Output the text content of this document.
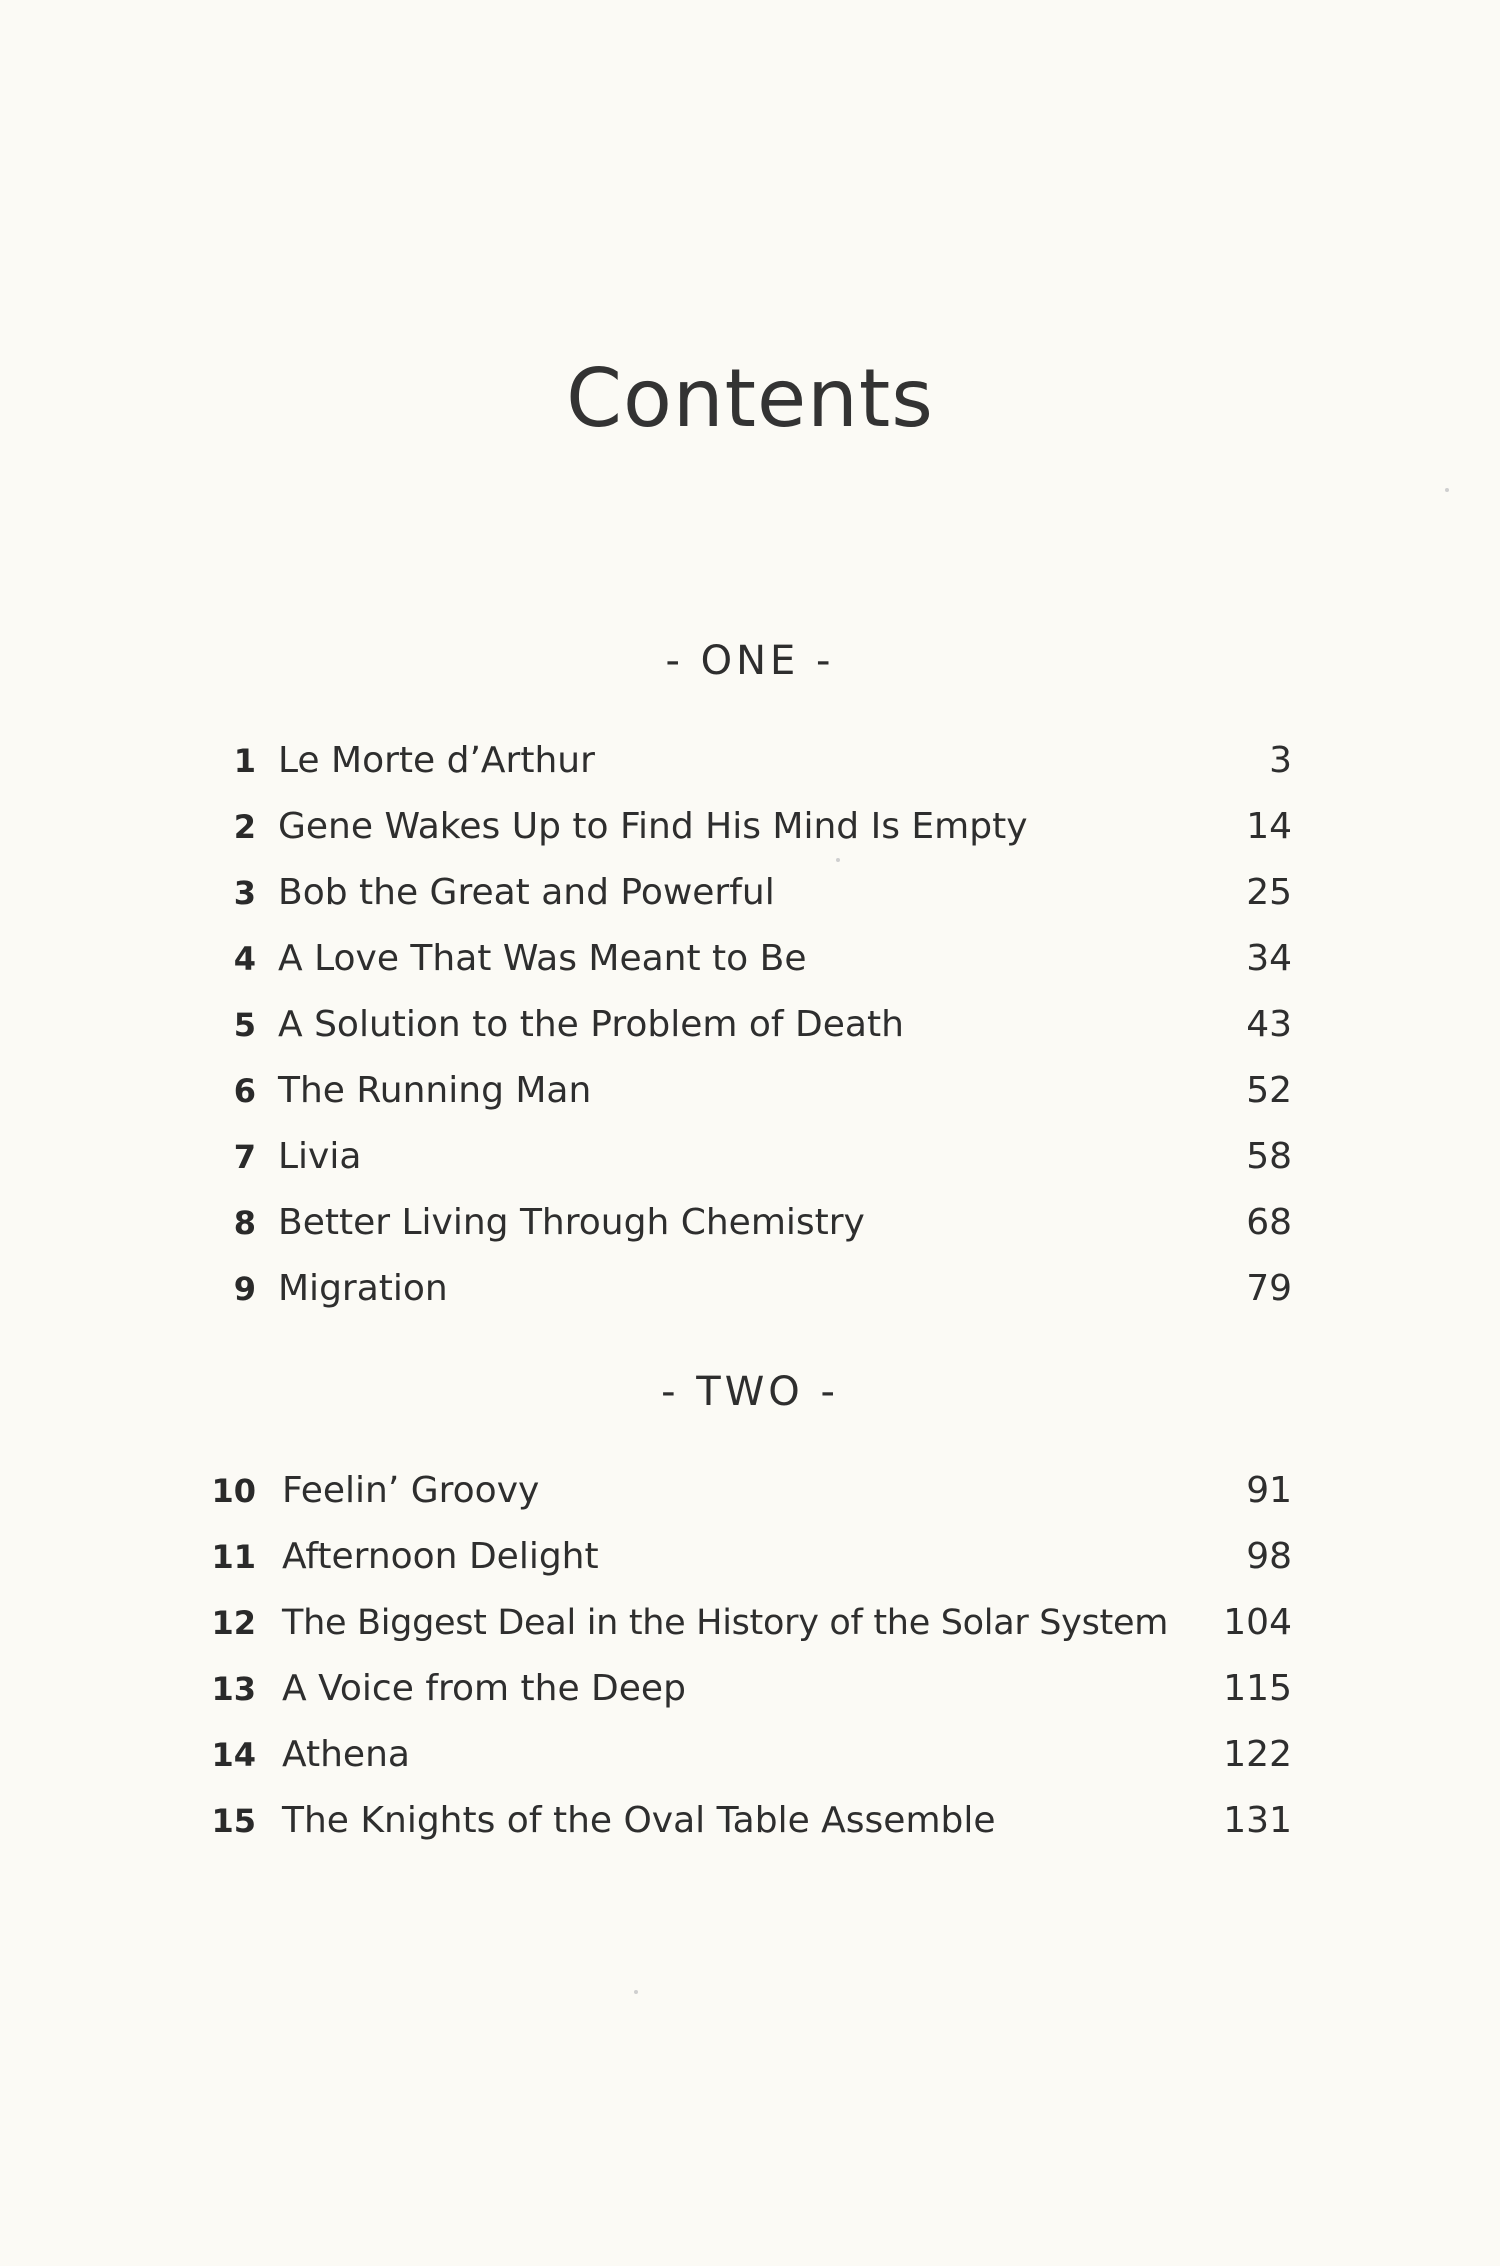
Contents
- ONE -
1 Le Morte d’Arthur	3
2 Gene Wakes Up to Find His Mind Is Empty	14
3 Bob the Great and Powerful	25
4 A Love That Was Meant to Be	34
5 A Solution to the Problem of Death	43
6 The Running Man	52
7 Livia	58
8 Better Living Through Chemistry	68
9 Migration	79
- TWO -
10 Feelin’ Groovy	91
11 Afternoon Delight	98
12 The Biggest Deal in the History of the Solar System 104
13 A Voice from the Deep	115
14 Athena	122
15 The Knights of the Oval Table Assemble	131
